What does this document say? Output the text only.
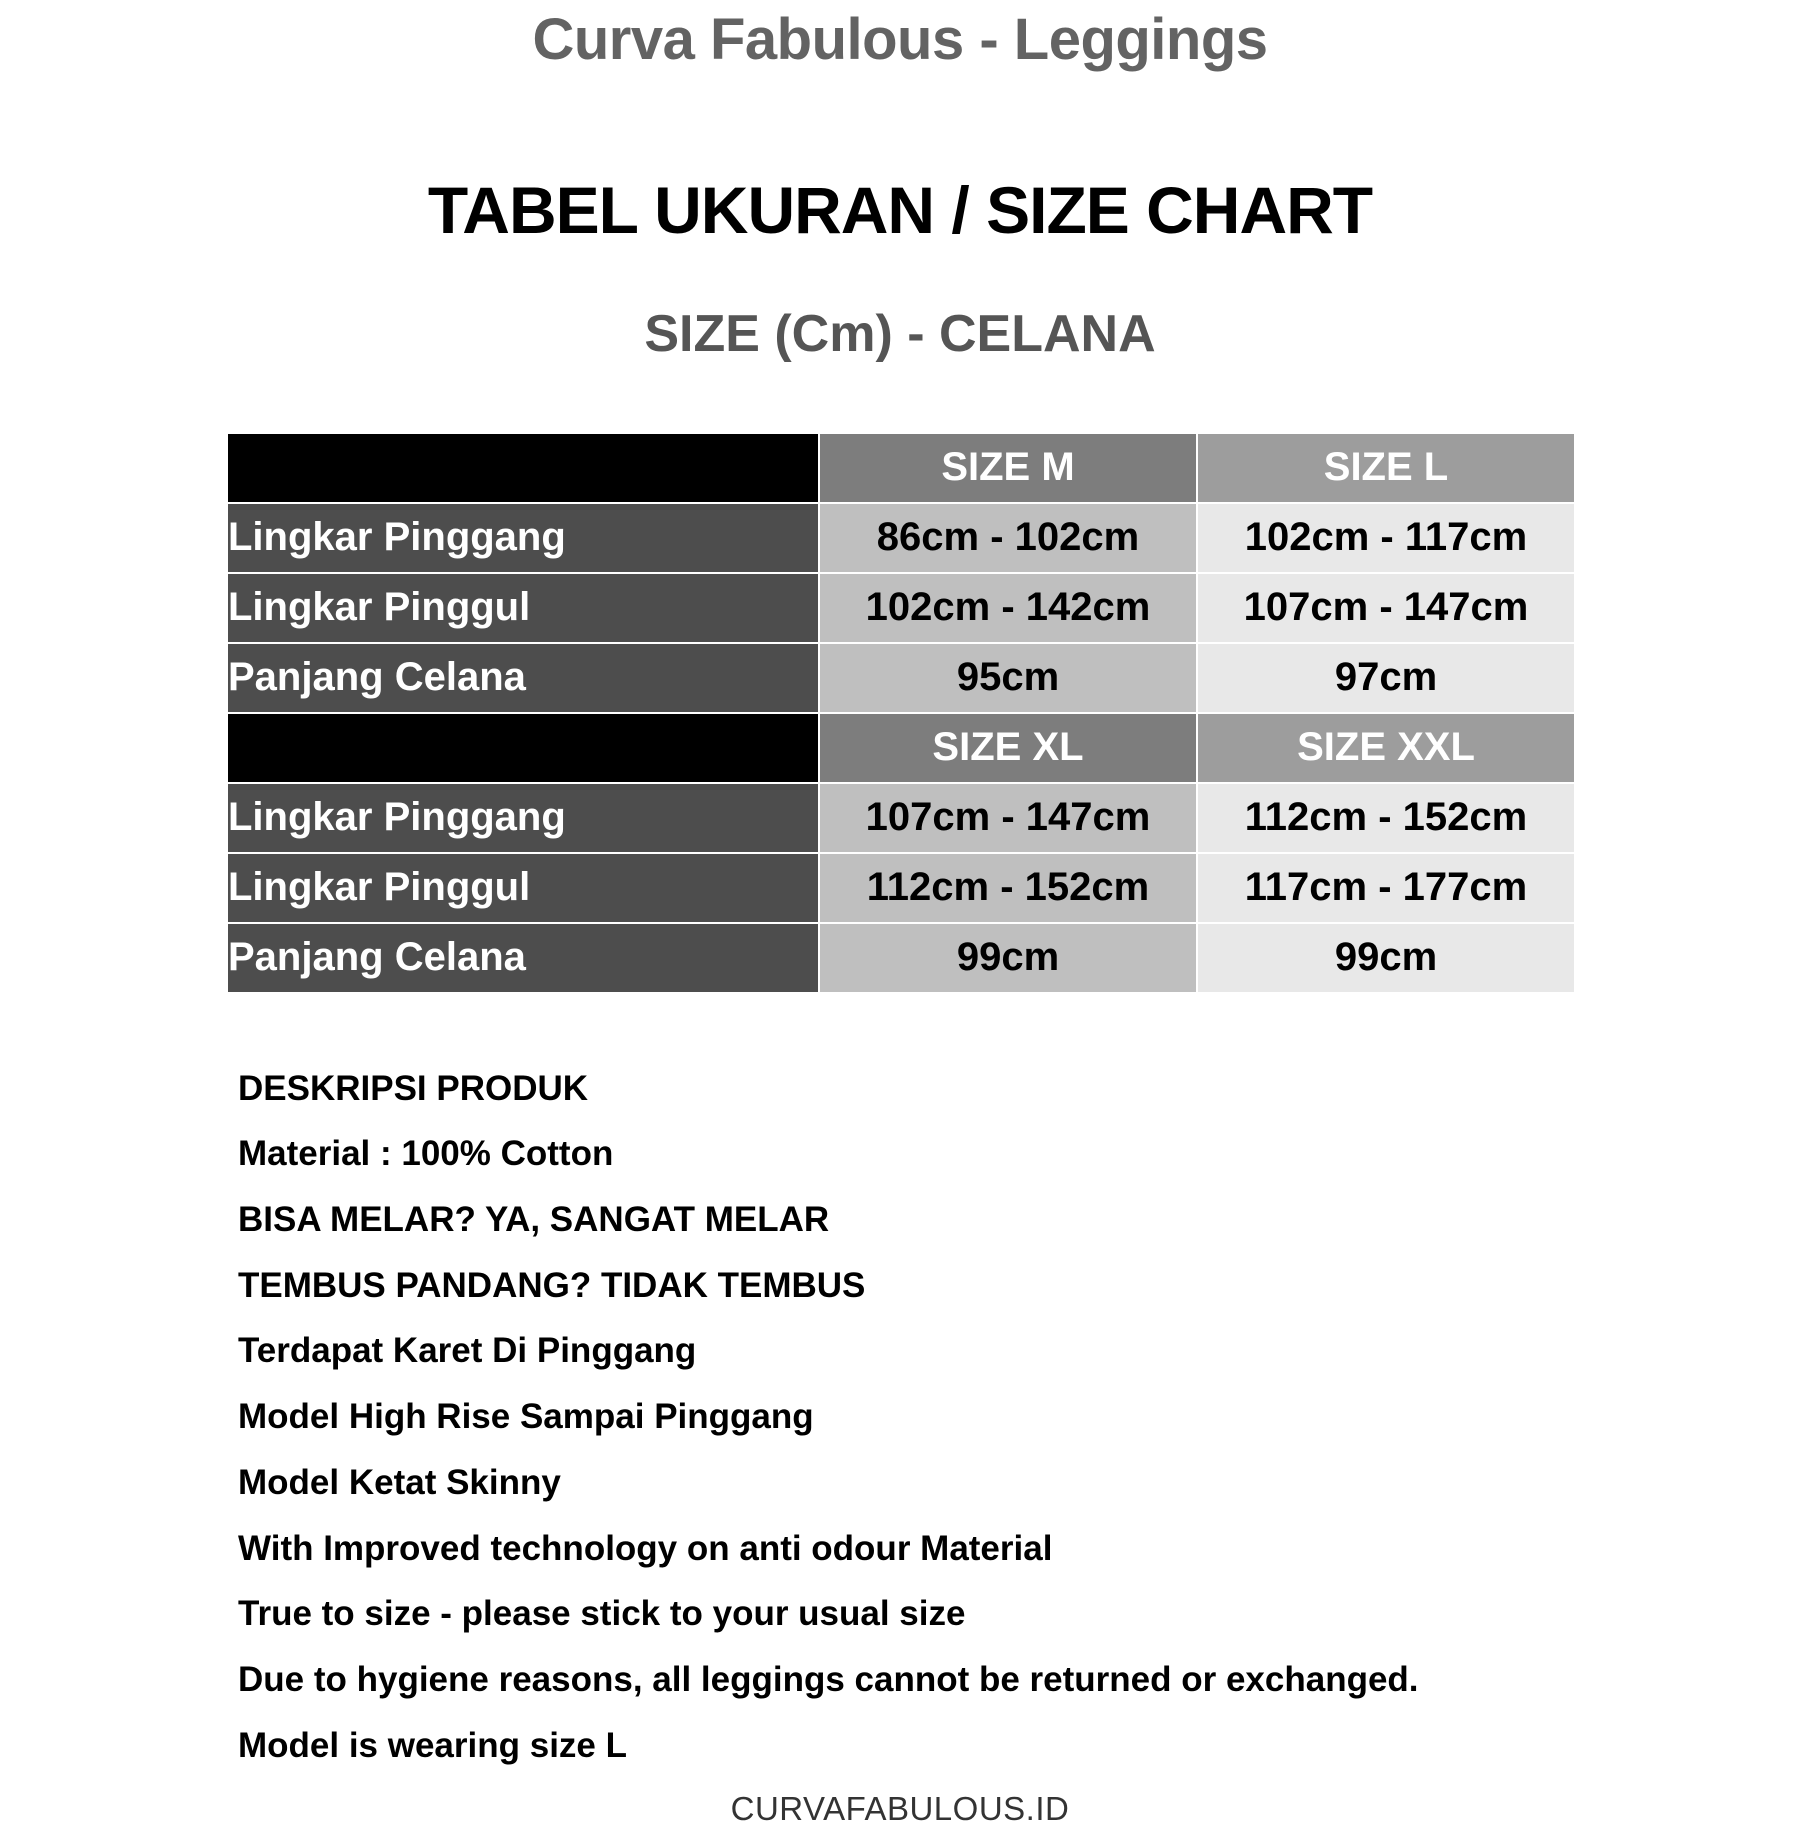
Curva Fabulous - Leggings
TABEL UKURAN / SIZE CHART
SIZE (Cm) - CELANA
	SIZE M	SIZE L
Lingkar Pinggang	86cm - 102cm	102cm - 117cm
Lingkar Pinggul	102cm - 142cm	107cm - 147cm
Panjang Celana	95cm	97cm
	SIZE XL	SIZE XXL
Lingkar Pinggang	107cm - 147cm	112cm - 152cm
Lingkar Pinggul	112cm - 152cm	117cm - 177cm
Panjang Celana	99cm	99cm

DESKRIPSI PRODUK

Material : 100% Cotton

BISA MELAR? YA, SANGAT MELAR

TEMBUS PANDANG? TIDAK TEMBUS

Terdapat Karet Di Pinggang

Model High Rise Sampai Pinggang

Model Ketat Skinny

With Improved technology on anti odour Material

True to size - please stick to your usual size

Due to hygiene reasons, all leggings cannot be returned or exchanged.

Model is wearing size L

CURVAFABULOUS.ID
